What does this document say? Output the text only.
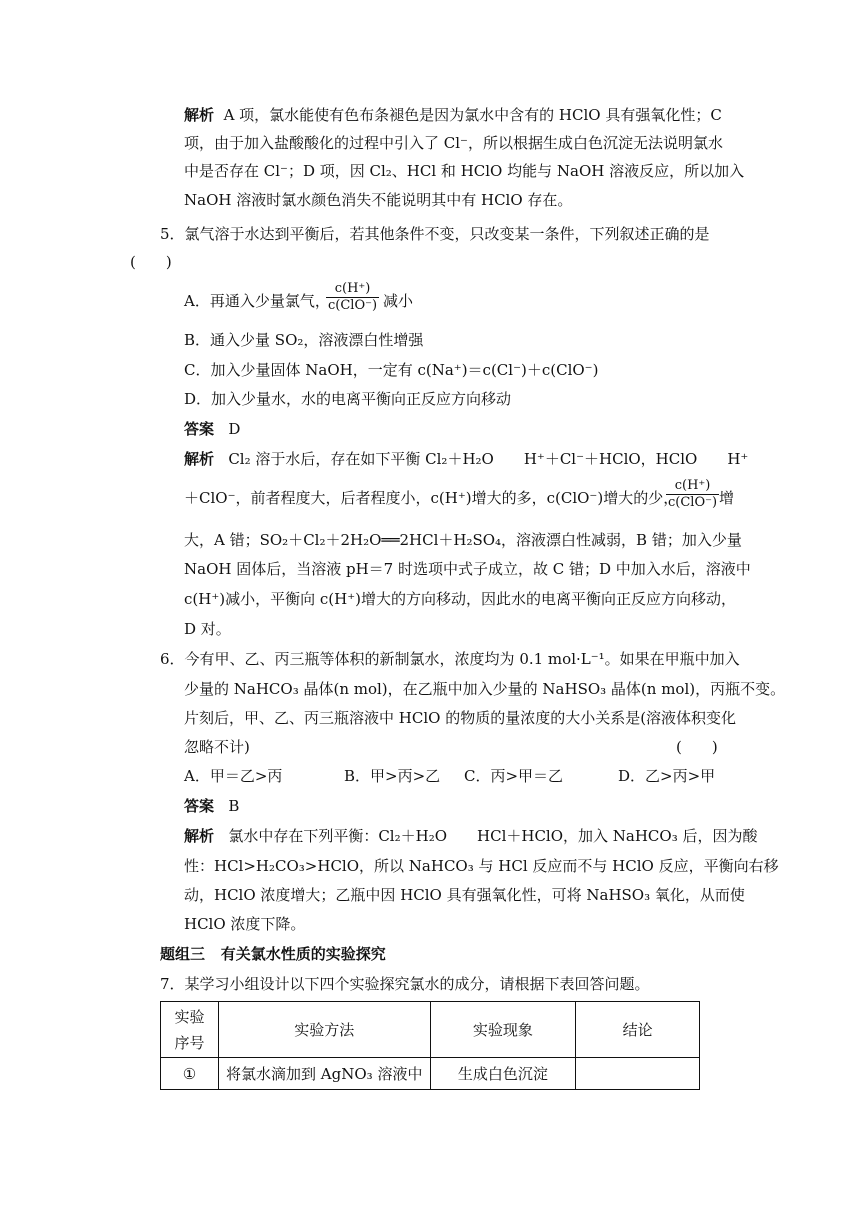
解析 A 项，氯水能使有色布条褪色是因为氯水中含有的 HClO 具有强氧化性；C
项，由于加入盐酸酸化的过程中引入了 Cl⁻，所以根据生成白色沉淀无法说明氯水
中是否存在 Cl⁻；D 项，因 Cl₂、HCl 和 HClO 均能与 NaOH 溶液反应，所以加入
NaOH 溶液时氯水颜色消失不能说明其中有 HClO 存在。
5．氯气溶于水达到平衡后，若其他条件不变，只改变某一条件，下列叙述正确的是
(　　)
A．再通入少量氯气，
c(H⁺)
c(ClO⁻) 减小
B．通入少量 SO₂，溶液漂白性增强
C．加入少量固体 NaOH，一定有 c(Na⁺)＝c(Cl⁻)＋c(ClO⁻)
D．加入少量水，水的电离平衡向正反应方向移动
答案 D
解析 Cl₂ 溶于水后，存在如下平衡 Cl₂＋H₂O　　H⁺＋Cl⁻＋HClO，HClO　　H⁺
＋ClO⁻，前者程度大，后者程度小，c(H⁺)增大的多，c(ClO⁻)增大的少，
c(H⁺)
c(ClO⁻) 增
大，A 错；SO₂＋Cl₂＋2H₂O══2HCl＋H₂SO₄，溶液漂白性减弱，B 错；加入少量
NaOH 固体后，当溶液 pH＝7 时选项中式子成立，故 C 错；D 中加入水后，溶液中
c(H⁺)减小，平衡向 c(H⁺)增大的方向移动，因此水的电离平衡向正反应方向移动，
D 对。
6．今有甲、乙、丙三瓶等体积的新制氯水，浓度均为 0.1 mol·L⁻¹。如果在甲瓶中加入
少量的 NaHCO₃ 晶体(n mol)，在乙瓶中加入少量的 NaHSO₃ 晶体(n mol)，丙瓶不变。
片刻后，甲、乙、丙三瓶溶液中 HClO 的物质的量浓度的大小关系是(溶液体积变化
忽略不计)	(　　)
A．甲＝乙>丙	B．甲>丙>乙 C．丙>甲＝乙	D．乙>丙>甲
答案 B
解析 氯水中存在下列平衡：Cl₂＋H₂O　　HCl＋HClO，加入 NaHCO₃ 后，因为酸
性：HCl>H₂CO₃>HClO，所以 NaHCO₃ 与 HCl 反应而不与 HClO 反应，平衡向右移
动，HClO 浓度增大；乙瓶中因 HClO 具有强氧化性，可将 NaHSO₃ 氧化，从而使
HClO 浓度下降。
题组三 有关氯水性质的实验探究
7．某学习小组设计以下四个实验探究氯水的成分，请根据下表回答问题。
实验序号	实验方法	实验现象	结论
①	将氯水滴加到 AgNO₃ 溶液中	生成白色沉淀	
